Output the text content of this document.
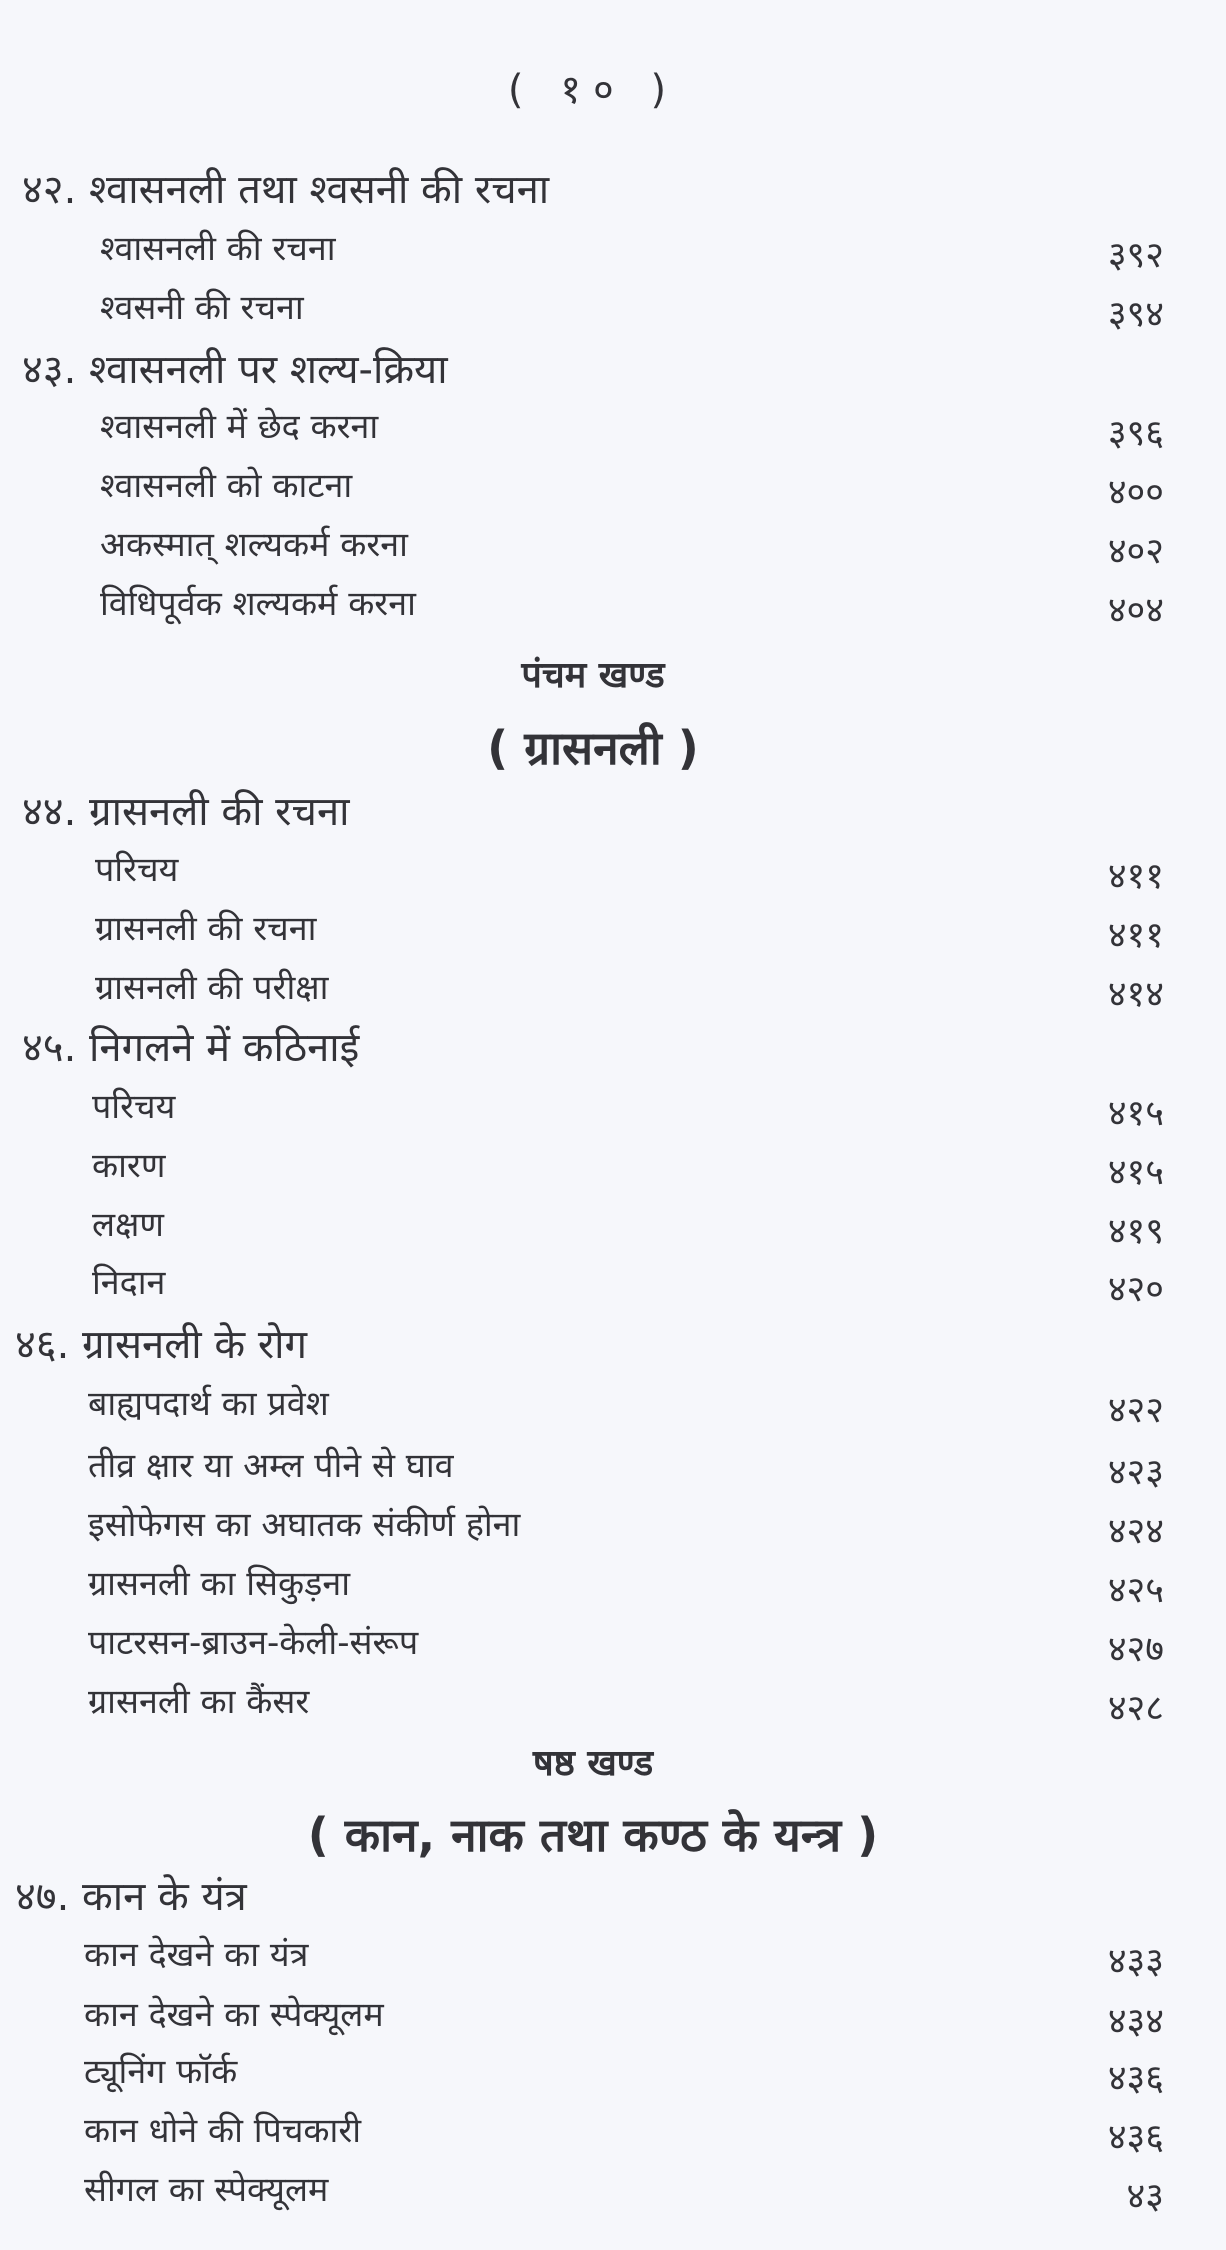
( १० )
४२. श्वासनली तथा श्वसनी की रचना
श्वासनली की रचना	३९२
श्वसनी की रचना	३९४
४३. श्वासनली पर शल्य-क्रिया
श्वासनली में छेद करना	३९६
श्वासनली को काटना	४००
अकस्मात् शल्यकर्म करना	४०२
विधिपूर्वक शल्यकर्म करना	४०४
पंचम खण्ड
( ग्रासनली )
४४. ग्रासनली की रचना
परिचय	४११
ग्रासनली की रचना	४११
ग्रासनली की परीक्षा	४१४
४५. निगलने में कठिनाई
परिचय	४१५
कारण	४१५
लक्षण	४१९
निदान	४२०
४६. ग्रासनली के रोग
बाह्यपदार्थ का प्रवेश	४२२
तीव्र क्षार या अम्ल पीने से घाव	४२३
इसोफेगस का अघातक संकीर्ण होना	४२४
ग्रासनली का सिकुड़ना	४२५
पाटरसन-ब्राउन-केली-संरूप	४२७
ग्रासनली का कैंसर	४२८
षष्ठ खण्ड
( कान, नाक तथा कण्ठ के यन्त्र )
४७. कान के यंत्र
कान देखने का यंत्र	४३३
कान देखने का स्पेक्यूलम	४३४
ट्यूनिंग फॉर्क	४३६
कान धोने की पिचकारी	४३६
सीगल का स्पेक्यूलम	४३
